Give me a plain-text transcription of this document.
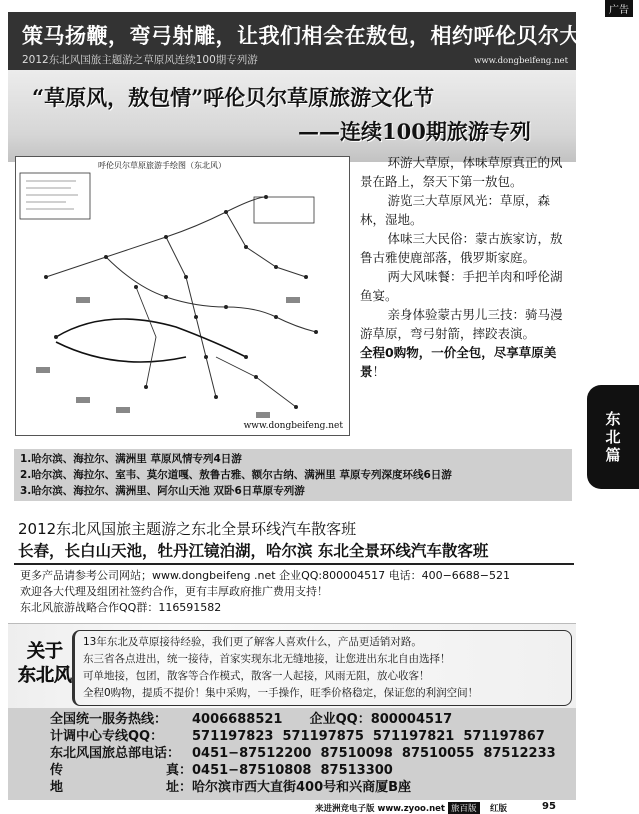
广告
策马扬鞭，弯弓射雕，让我们相会在敖包，相约呼伦贝尔大草原
2012东北风国旅主题游之草原风连续100期专列游	www.dongbeifeng.net
“草原风，敖包情”呼伦贝尔草原旅游文化节
——连续100期旅游专列
呼伦贝尔草原旅游手绘图（东北风）
www.dongbeifeng.net

环游大草原，体味草原真正的风景在路上，祭天下第一敖包。

游览三大草原风光：草原，森林，湿地。

体味三大民俗：蒙古族家访，敖鲁古雅使鹿部落，俄罗斯家庭。

两大风味餐：手把羊肉和呼伦湖鱼宴。

亲身体验蒙古男儿三技：骑马漫游草原，弯弓射箭，摔跤表演。

全程0购物，一价全包，尽享草原美景！

东
北
篇
1.哈尔滨、海拉尔、满洲里 草原风情专列4日游
2.哈尔滨、海拉尔、室韦、莫尔道嘎、敖鲁古雅、额尔古纳、满洲里 草原专列深度环线6日游
3.哈尔滨、海拉尔、满洲里、阿尔山天池 双卧6日草原专列游
2012东北风国旅主题游之东北全景环线汽车散客班
长春，长白山天池，牡丹江镜泊湖，哈尔滨 东北全景环线汽车散客班
更多产品请参考公司网站；www.dongbeifeng .net 企业QQ:800004517 电话：400−6688−521
欢迎各大代理及组团社签约合作，更有丰厚政府推广费用支持！
东北风旅游战略合作QQ群：116591582
关于
东北风
13年东北及草原接待经验，我们更了解客人喜欢什么，产品更适销对路。
东三省各点进出，统一接待，首家实现东北无缝地接，让您进出东北自由选择！
可单地接，包团，散客等合作模式，散客一人起接，风雨无阻，放心收客！
全程0购物，提质不提价！集中采购，一手操作，旺季价格稳定，保证您的利润空间！
全国统一服务热线：	4006688521      企业QQ：800004517
计调中心专线QQ：	571197823  571197875  571197821  571197867
东北风国旅总部电话： 0451−87512200  87510098  87510055  87512233
传	真： 0451−87510808  87513300
地	址： 哈尔滨市西大直街400号和兴商厦B座
来进洲竞电子版 www.zyoo.net 旅百版	红版	95
